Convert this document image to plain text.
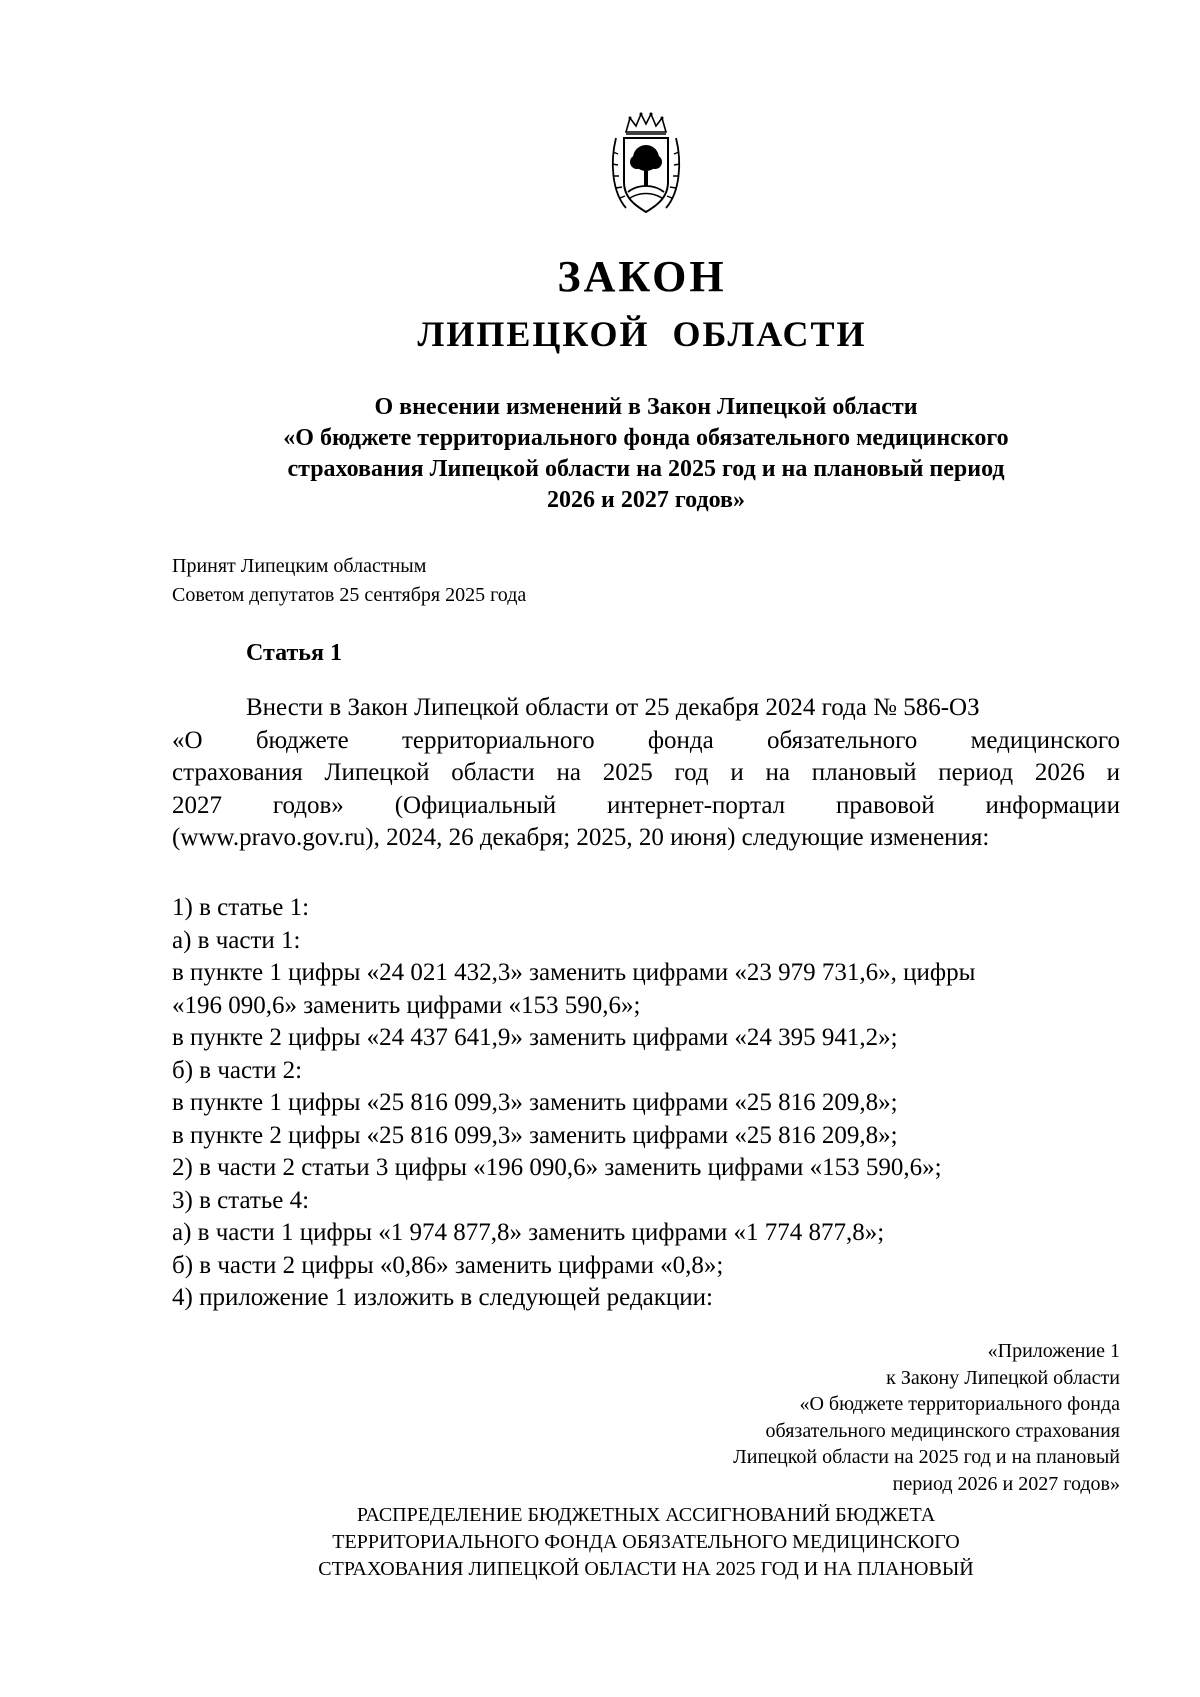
ЗАКОН
ЛИПЕЦКОЙ ОБЛАСТИ
О внесении изменений в Закон Липецкой области
«О бюджете территориального фонда обязательного медицинского
страхования Липецкой области на 2025 год и на плановый период
2026 и 2027 годов»
Принят Липецким областным
Советом депутатов 25 сентября 2025 года
Статья 1
Внести в Закон Липецкой области от 25 декабря 2024 года № 586-ОЗ
«О бюджете территориального фонда обязательного медицинского
страхования Липецкой области на 2025 год и на плановый период 2026 и
2027 годов» (Официальный интернет-портал правовой информации
(www.pravo.gov.ru), 2024, 26 декабря; 2025, 20 июня) следующие изменения:
1) в статье 1:
а) в части 1:
в пункте 1 цифры «24 021 432,3» заменить цифрами «23 979 731,6», цифры
«196 090,6» заменить цифрами «153 590,6»;
в пункте 2 цифры «24 437 641,9» заменить цифрами «24 395 941,2»;
б) в части 2:
в пункте 1 цифры «25 816 099,3» заменить цифрами «25 816 209,8»;
в пункте 2 цифры «25 816 099,3» заменить цифрами «25 816 209,8»;
2) в части 2 статьи 3 цифры «196 090,6» заменить цифрами «153 590,6»;
3) в статье 4:
а) в части 1 цифры «1 974 877,8» заменить цифрами «1 774 877,8»;
б) в части 2 цифры «0,86» заменить цифрами «0,8»;
4) приложение 1 изложить в следующей редакции:
«Приложение 1
к Закону Липецкой области
«О бюджете территориального фонда
обязательного медицинского страхования
Липецкой области на 2025 год и на плановый
период 2026 и 2027 годов»
РАСПРЕДЕЛЕНИЕ БЮДЖЕТНЫХ АССИГНОВАНИЙ БЮДЖЕТА
ТЕРРИТОРИАЛЬНОГО ФОНДА ОБЯЗАТЕЛЬНОГО МЕДИЦИНСКОГО
СТРАХОВАНИЯ ЛИПЕЦКОЙ ОБЛАСТИ НА 2025 ГОД И НА ПЛАНОВЫЙ
